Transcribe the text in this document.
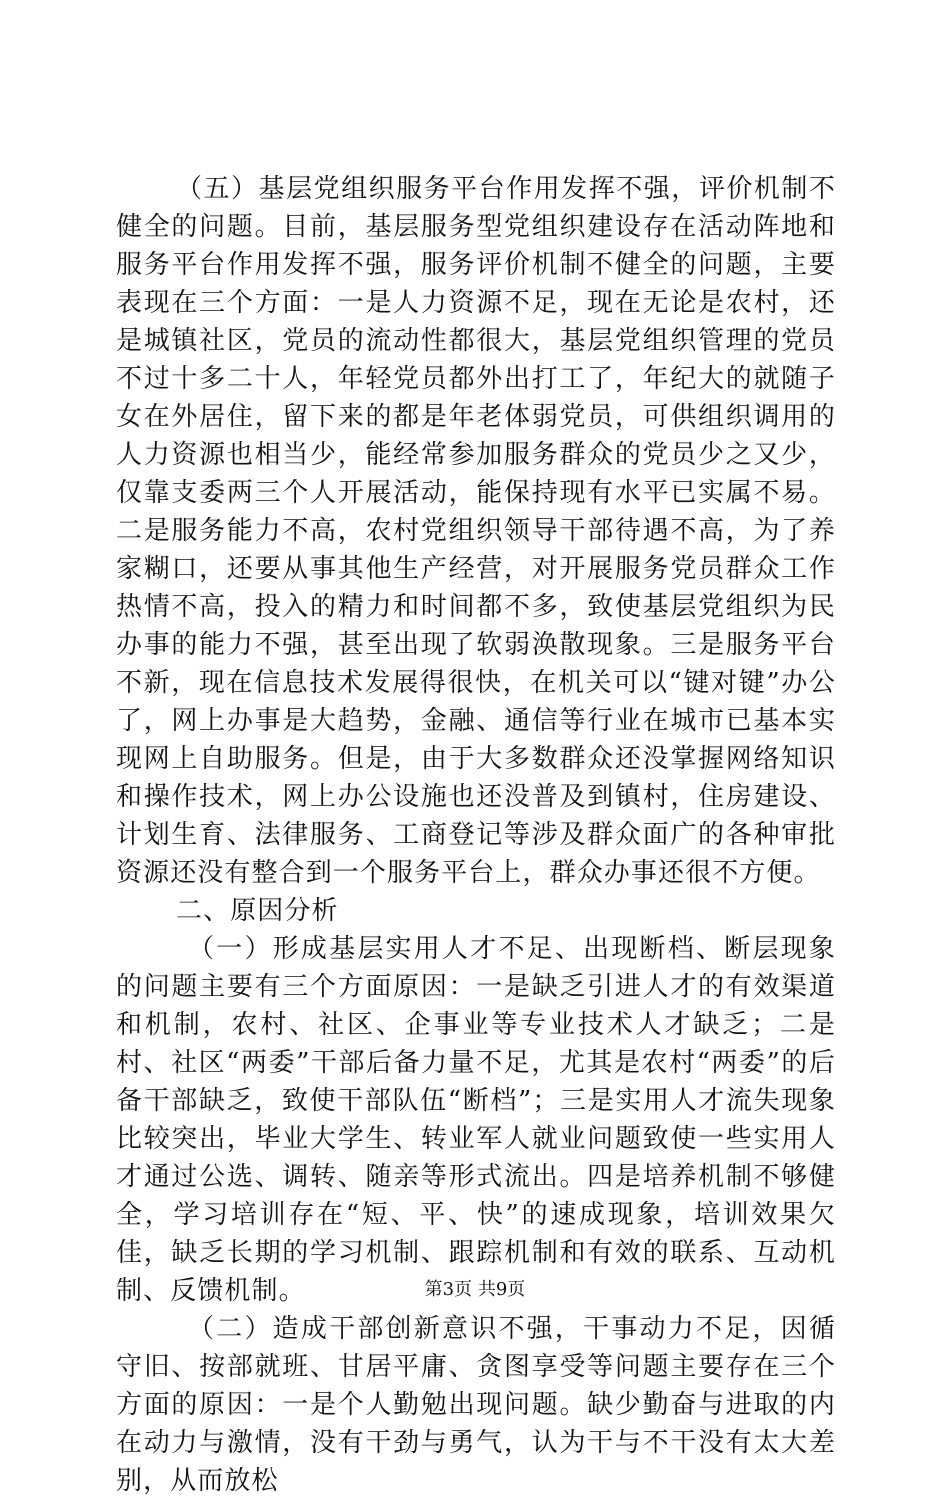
（五）基层党组织服务平台作用发挥不强，评价机制不健全的问题。目前，基层服务型党组织建设存在活动阵地和服务平台作用发挥不强，服务评价机制不健全的问题，主要表现在三个方面：一是人力资源不足，现在无论是农村，还是城镇社区，党员的流动性都很大，基层党组织管理的党员不过十多二十人，年轻党员都外出打工了，年纪大的就随子女在外居住，留下来的都是年老体弱党员，可供组织调用的人力资源也相当少，能经常参加服务群众的党员少之又少，仅靠支委两三个人开展活动，能保持现有水平已实属不易。二是服务能力不高，农村党组织领导干部待遇不高，为了养家糊口，还要从事其他生产经营，对开展服务党员群众工作热情不高，投入的精力和时间都不多，致使基层党组织为民办事的能力不强，甚至出现了软弱涣散现象。三是服务平台不新，现在信息技术发展得很快，在机关可以“键对键”办公了，网上办事是大趋势，金融、通信等行业在城市已基本实现网上自助服务。但是，由于大多数群众还没掌握网络知识和操作技术，网上办公设施也还没普及到镇村，住房建设、计划生育、法律服务、工商登记等涉及群众面广的各种审批资源还没有整合到一个服务平台上，群众办事还很不方便。

二、原因分析

（一）形成基层实用人才不足、出现断档、断层现象的问题主要有三个方面原因：一是缺乏引进人才的有效渠道和机制，农村、社区、企事业等专业技术人才缺乏；二是村、社区“两委”干部后备力量不足，尤其是农村“两委”的后备干部缺乏，致使干部队伍“断档”；三是实用人才流失现象比较突出，毕业大学生、转业军人就业问题致使一些实用人才通过公选、调转、随亲等形式流出。四是培养机制不够健全，学习培训存在“短、平、快”的速成现象，培训效果欠佳，缺乏长期的学习机制、跟踪机制和有效的联系、互动机制、反馈机制。

（二）造成干部创新意识不强，干事动力不足，因循守旧、按部就班、甘居平庸、贪图享受等问题主要存在三个方面的原因：一是个人勤勉出现问题。缺少勤奋与进取的内在动力与激情，没有干劲与勇气，认为干与不干没有太大差别，从而放松

第3页 共9页
